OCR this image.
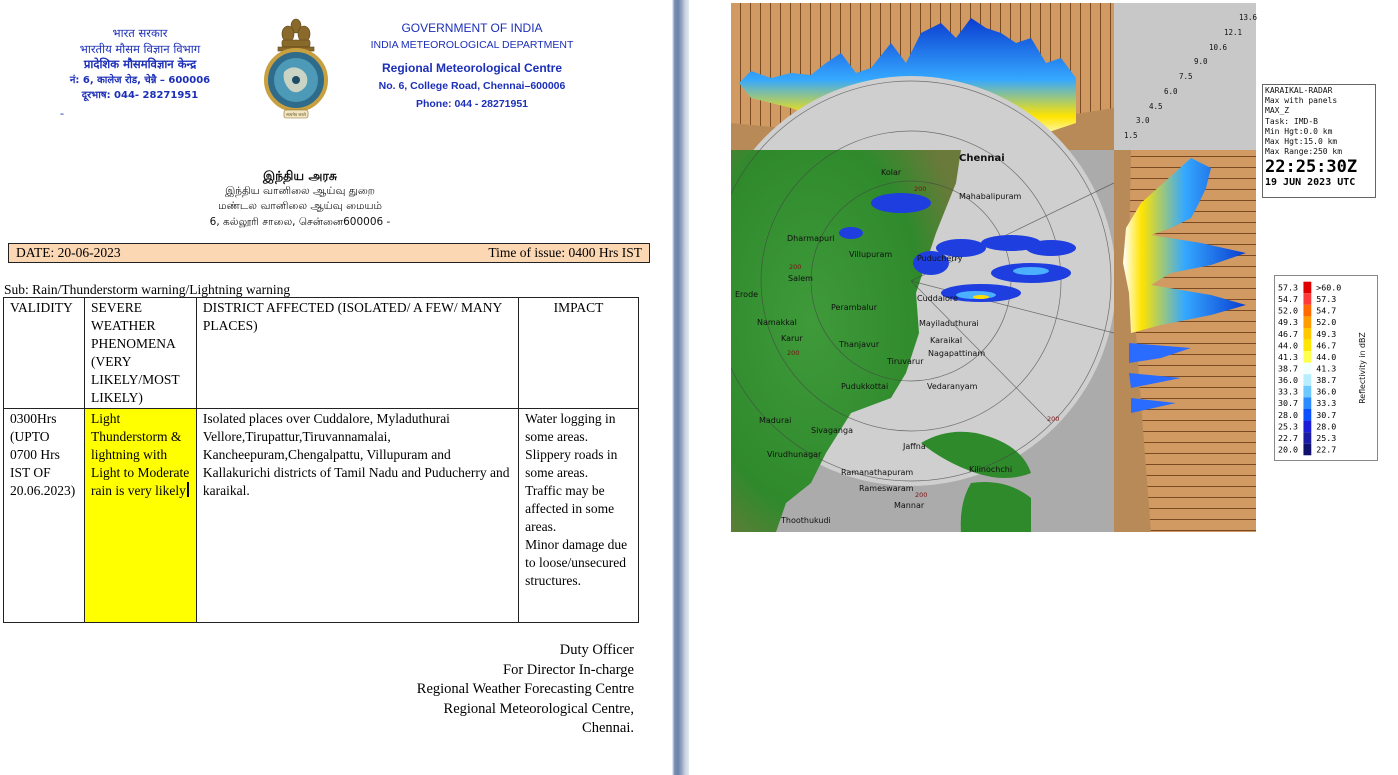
भारत सरकार
भारतीय मौसम विज्ञान विभाग
प्रादेशिक मौसमविज्ञान केन्द्र
नं: 6, कालेज रोड, चेन्नै – 600006
दूरभाष: 044- 28271951
-	सत्यमेव जयते
GOVERNMENT OF INDIA
INDIA METEOROLOGICAL DEPARTMENT
Regional Meteorological Centre
No. 6, College Road, Chennai–600006
Phone: 044 - 28271951
இந்திய அரசு
இந்திய வானிலை ஆய்வு துறை
மண்டல வானிலை ஆய்வு மையம்
6, கல்லூரி சாலை, சென்னை600006 -
DATE: 20-06-2023	Time of issue: 0400 Hrs IST
Sub: Rain/Thunderstorm warning/Lightning warning
VALIDITY	SEVERE WEATHER PHENOMENA (VERY LIKELY/MOST LIKELY)	DISTRICT AFFECTED (ISOLATED/ A FEW/ MANY PLACES)	IMPACT
0300Hrs (UPTO 0700 Hrs IST OF 20.06.2023)	Light Thunderstorm & lightning with Light to Moderate rain is very likely	Isolated places over Cuddalore, Myladuthurai Vellore,Tirupattur,Tiruvannamalai, Kancheepuram,Chengalpattu, Villupuram and Kallakurichi districts of Tamil Nadu and Puducherry and karaikal.	Water logging in some areas.
Slippery roads in some areas.
Traffic may be affected in some areas.
Minor damage due to loose/unsecured structures.
Duty Officer
For Director In-charge
Regional Weather Forecasting Centre
Regional Meteorological Centre,
Chennai.
13.6
12.1
10.6
9.0
7.5
6.0
4.5
3.0
1.5
Chennai
Mahabalipuram
Dharmapuri
Villupuram
Salem
Erode
Namakkal
Karur
Perambalur
Thanjavur
Tiruvarur
Pudukkottai
Madurai
Sivaganga
Virudhunagar
Ramanathapuram
Rameswaram
Thoothukudi
Jaffna
Kilinochchi
Mannar
Vedaranyam
Nagapattinam
Karaikal
Mayiladuthurai
Cuddalore
Kolar
Puducherry
200
200
200
200
200
KARAIKAL-RADAR
Max with panels
MAX_Z
Task: IMD-B
Min Hgt:0.0 km
Max Hgt:15.0 km
Max Range:250 km
22:25:30Z
19 JUN 2023 UTC
57.3 >60.0
54.7 57.3
52.0 54.7
49.3 52.0
46.7 49.3
44.0 46.7
41.3 44.0
38.7 41.3
36.0 38.7
33.3 36.0
30.7 33.3
28.0 30.7
25.3 28.0
22.7 25.3
20.0 22.7
Reflectivity in dBZ
